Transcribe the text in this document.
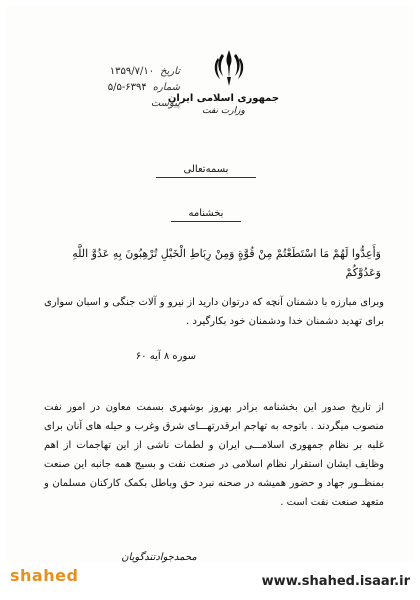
تاریخ
۱۳۵۹/۷/۱۰
شماره
۵/۵-۶۳۹۴
پیوست
جمهوری اسلامی ایران
وزارت نفت
بسمه‌تعالی
بخشنامه
وَأَعِدُّوا لَهُمْ مَا اسْتَطَعْتُمْ مِنْ قُوَّةٍ وَمِنْ رِبَاطِ الْخَيْلِ تُرْهِبُونَ بِهِ عَدُوَّ اللَّهِ وَعَدُوَّكُمْ
وبرای مبارزه با دشمنان آنچه که درتوان دارید از نیرو و آلات جنگی و اسبان سواری برای تهدید دشمنان خدا ودشمنان خود بکارگیرد .
سوره ۸ آیه ۶۰

از تاریخ صدور این بخشنامه برادر بهروز بوشهری بسمت معاون در امور نفت منصوب میگردند . باتوجه به تهاجم ابرقدرتهـــای شرق وغرب و حیله های آنان برای غلبه بر نظام جمهوری اسلامـــی ایران و لطمات ناشی از این تهاجمات از اهم وظایف ایشان استقرار نظام اسلامی در صنعت نفت و بسیج همه جانبه این صنعت بمنظــور جهاد و حضور همیشه در صحنه نبرد حق وباطل بکمک کارکنان مسلمان و متعهد صنعت نفت است .

محمدجوادتندگویان
shahed	www.shahed.isaar.ir
